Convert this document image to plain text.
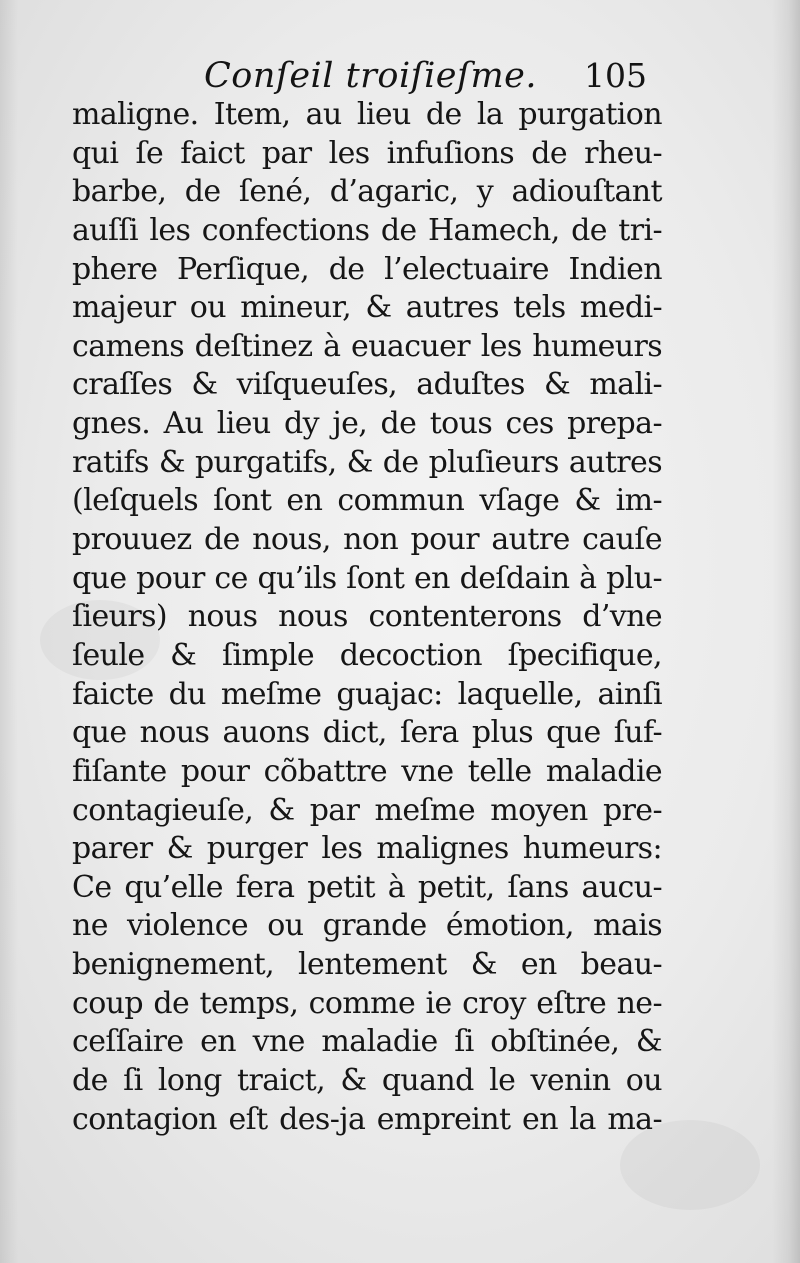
Conſeil troiſieſme. 105
maligne. Item, au lieu de la purgation
qui ſe faict par les infuſions de rheu-
barbe, de ſené, d’agaric, y adiouſtant
auſſi les confections de Hamech, de tri-
phere Perſique, de l’electuaire Indien
majeur ou mineur, & autres tels medi-
camens deſtinez à euacuer les humeurs
craſſes & viſqueuſes, aduſtes & mali-
gnes. Au lieu dy je, de tous ces prepa-
ratifs & purgatifs, & de pluſieurs autres
(leſquels ſont en commun vſage & im-
prouuez de nous, non pour autre cauſe
que pour ce qu’ils ſont en deſdain à plu-
ſieurs) nous nous contenterons d’vne
ſeule & ſimple decoction ſpecifique,
faicte du meſme guajac: laquelle, ainſi
que nous auons dict, ſera plus que ſuf-
fiſante pour cõbattre vne telle maladie
contagieuſe, & par meſme moyen pre-
parer & purger les malignes humeurs:
Ce qu’elle fera petit à petit, ſans aucu-
ne violence ou grande émotion, mais
benignement, lentement & en beau-
coup de temps, comme ie croy eſtre ne-
ceſſaire en vne maladie ſi obſtinée, &
de ſi long traict, & quand le venin ou
contagion eſt des-ja empreint en la ma-
